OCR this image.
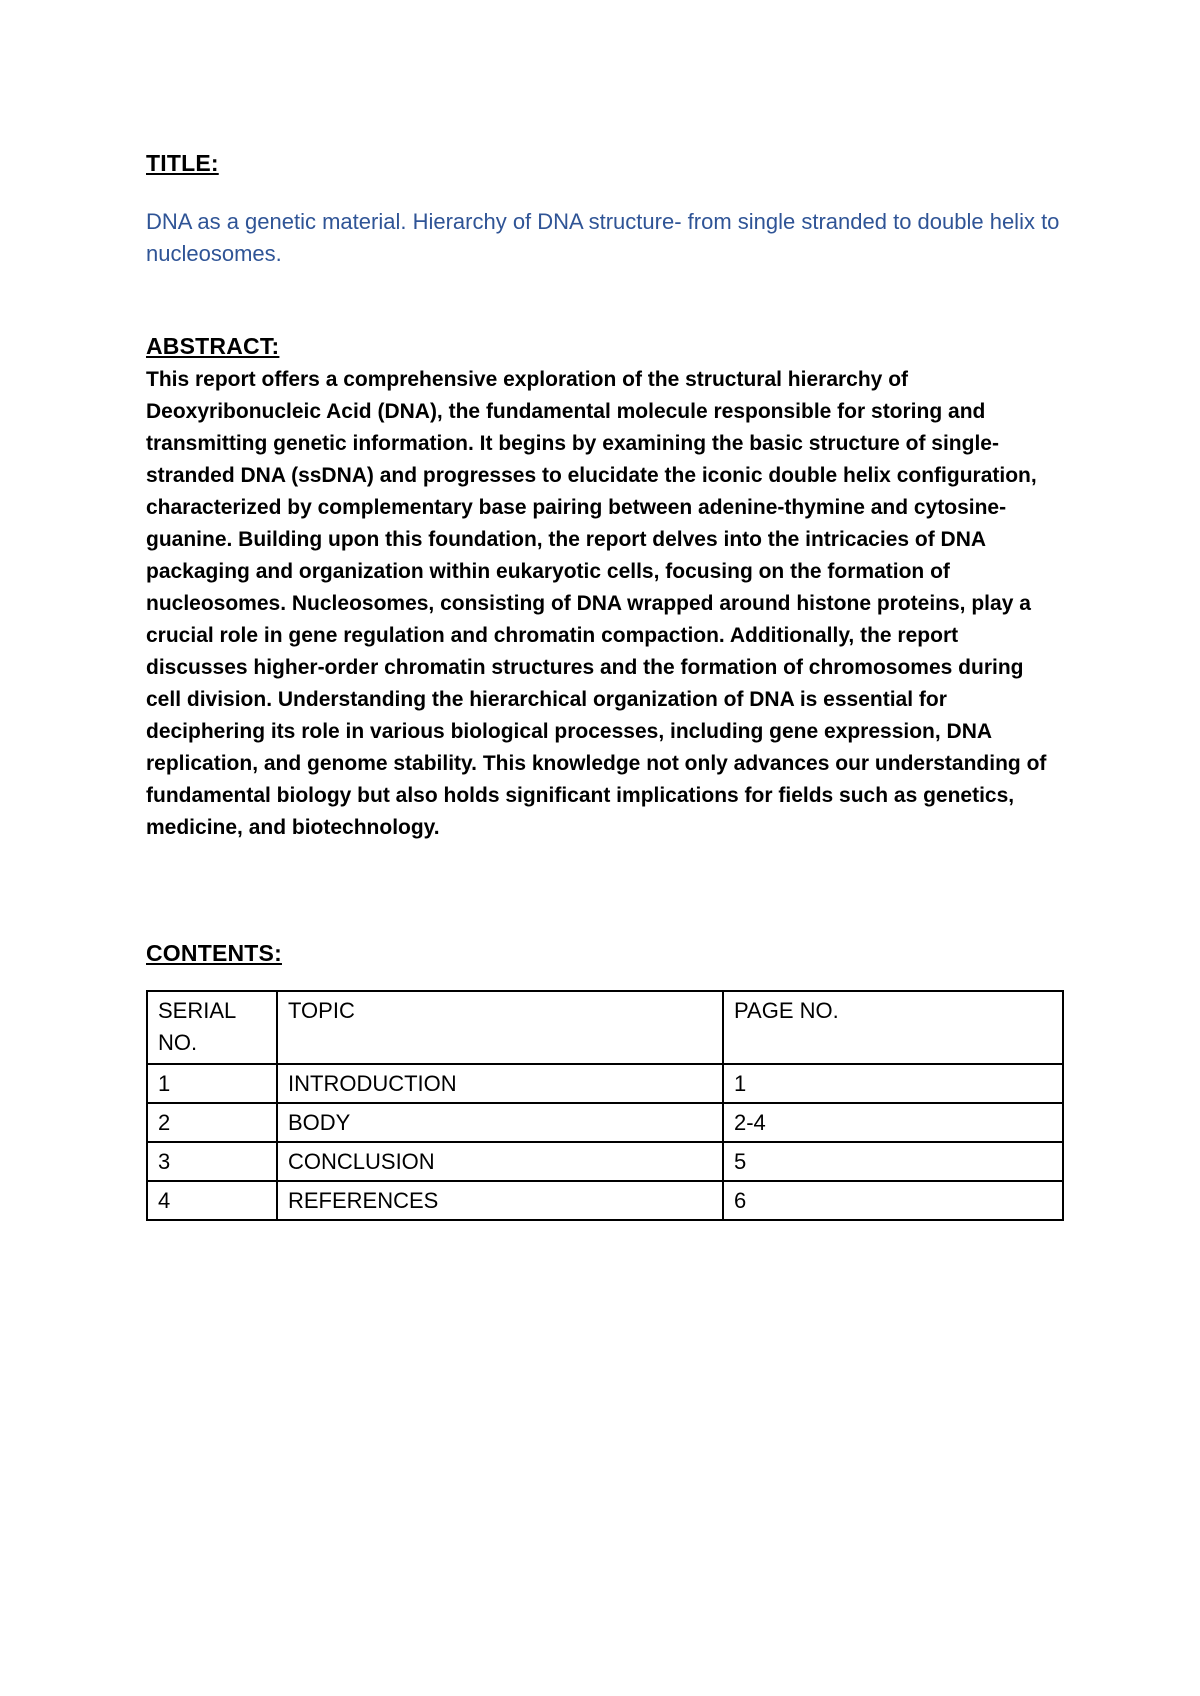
TITLE:
DNA as a genetic material. Hierarchy of DNA structure- from single stranded to double helix to nucleosomes.
ABSTRACT:
This report offers a comprehensive exploration of the structural hierarchy of Deoxyribonucleic Acid (DNA), the fundamental molecule responsible for storing and transmitting genetic information. It begins by examining the basic structure of single-stranded DNA (ssDNA) and progresses to elucidate the iconic double helix configuration, characterized by complementary base pairing between adenine-thymine and cytosine-guanine. Building upon this foundation, the report delves into the intricacies of DNA packaging and organization within eukaryotic cells, focusing on the formation of nucleosomes. Nucleosomes, consisting of DNA wrapped around histone proteins, play a crucial role in gene regulation and chromatin compaction. Additionally, the report discusses higher-order chromatin structures and the formation of chromosomes during cell division. Understanding the hierarchical organization of DNA is essential for deciphering its role in various biological processes, including gene expression, DNA replication, and genome stability. This knowledge not only advances our understanding of fundamental biology but also holds significant implications for fields such as genetics, medicine, and biotechnology.
CONTENTS:
SERIAL NO.	TOPIC	PAGE NO.
1	INTRODUCTION	1
2	BODY	2-4
3	CONCLUSION	5
4	REFERENCES	6
